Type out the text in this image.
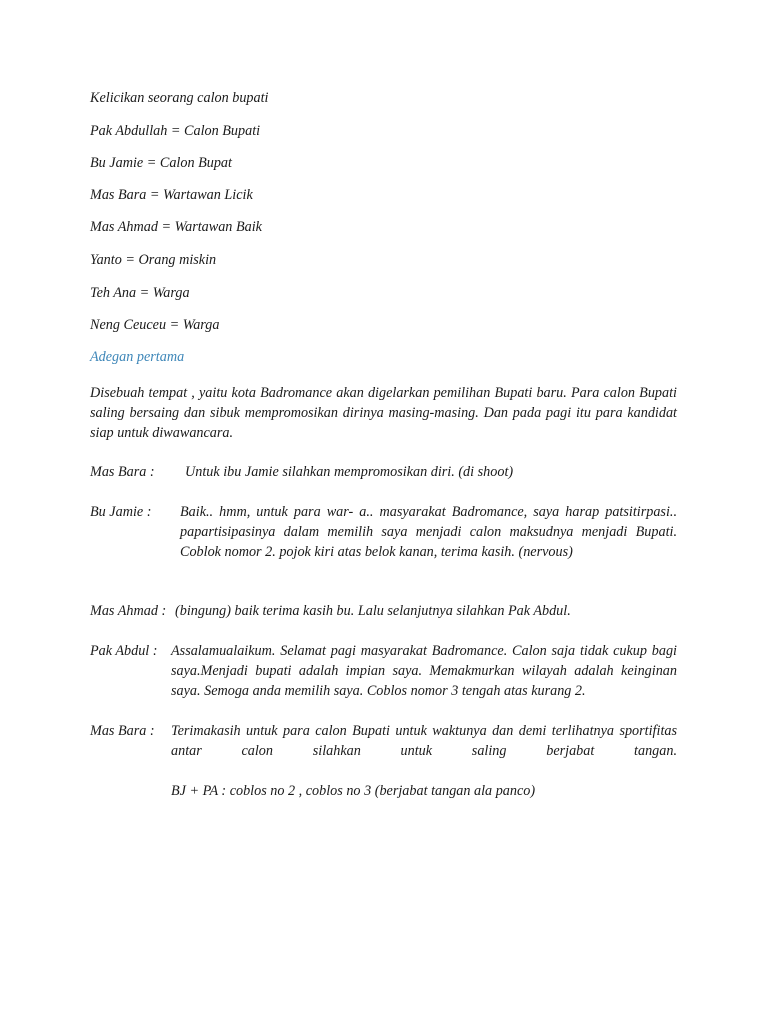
Kelicikan seorang calon bupati
Pak Abdullah = Calon Bupati
Bu Jamie = Calon Bupat
Mas Bara = Wartawan Licik
Mas Ahmad = Wartawan Baik
Yanto = Orang miskin
Teh Ana = Warga
Neng Ceuceu = Warga
Adegan pertama
Disebuah tempat , yaitu kota Badromance akan digelarkan pemilihan Bupati baru. Para calon Bupati saling bersaing dan sibuk mempromosikan dirinya masing-masing. Dan pada pagi itu para kandidat siap untuk diwawancara.
Mas Bara : Untuk ibu Jamie silahkan mempromosikan diri. (di shoot)
Bu Jamie : Baik.. hmm, untuk para war- a.. masyarakat Badromance, saya harap patsitirpasi.. papartisipasinya dalam memilih saya menjadi calon maksudnya menjadi Bupati. Coblok nomor 2. pojok kiri atas belok kanan, terima kasih. (nervous)
Mas Ahmad : (bingung) baik terima kasih bu. Lalu selanjutnya silahkan Pak Abdul.
Pak Abdul : Assalamualaikum. Selamat pagi masyarakat Badromance. Calon saja tidak cukup bagi saya.Menjadi bupati adalah impian saya. Memakmurkan wilayah adalah keinginan saya. Semoga anda memilih saya. Coblos nomor 3 tengah atas kurang 2.
Mas Bara : Terimakasih untuk para calon Bupati untuk waktunya dan demi terlihatnya sportifitas antar calon silahkan untuk saling berjabat tangan.
BJ + PA : coblos no 2 , coblos no 3 (berjabat tangan ala panco)
